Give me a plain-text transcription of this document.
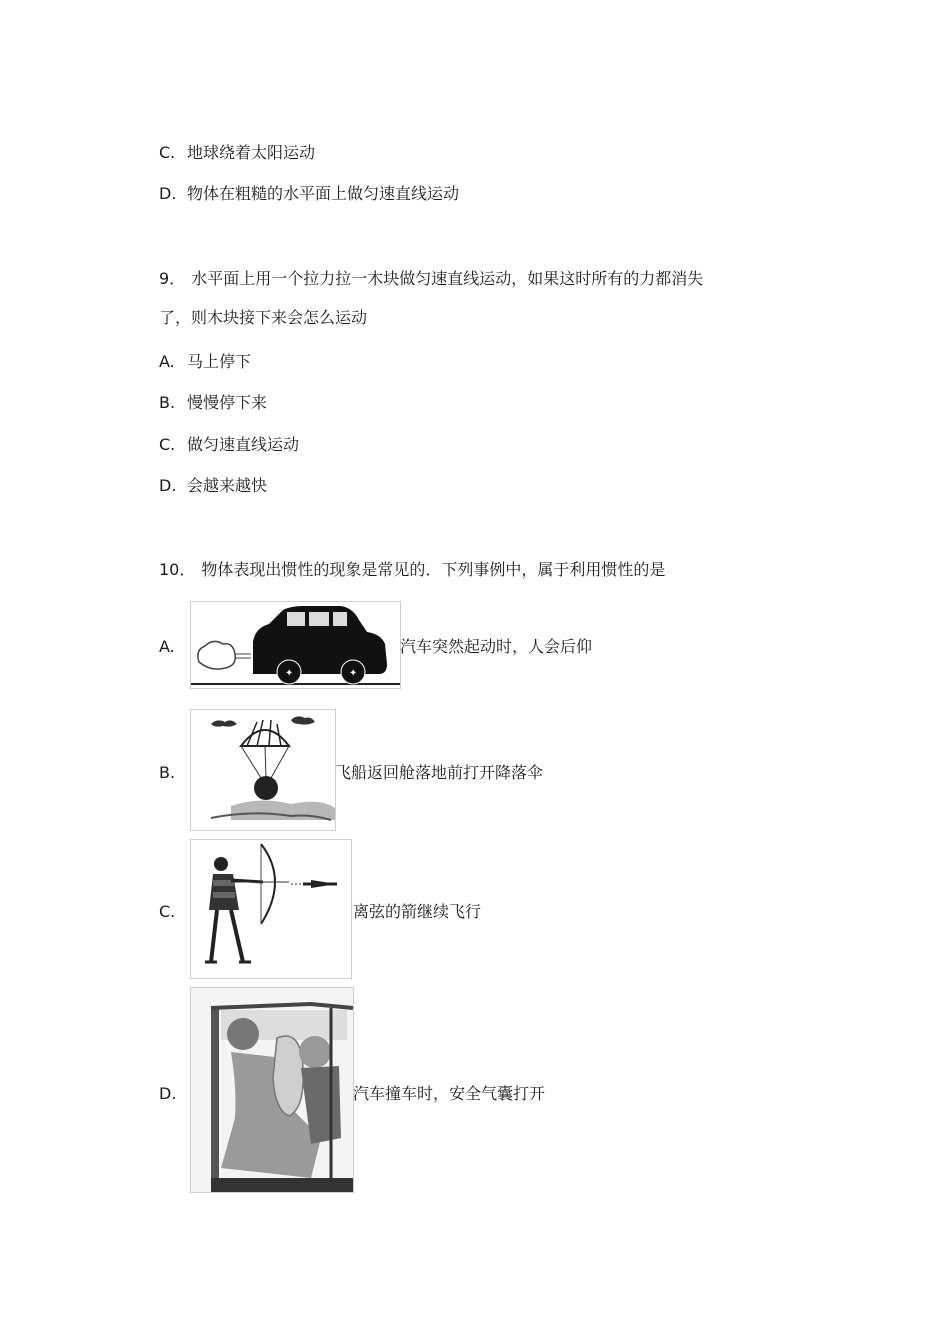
C. 地球绕着太阳运动
D. 物体在粗糙的水平面上做匀速直线运动
9． 水平面上用一个拉力拉一木块做匀速直线运动，如果这时所有的力都消失
了，则木块接下来会怎么运动
A. 马上停下
B. 慢慢停下来
C. 做匀速直线运动
D. 会越来越快
10． 物体表现出惯性的现象是常见的．下列事例中，属于利用惯性的是
A.
✦	✦
汽车突然起动时，人会后仰
B.	飞船返回舱落地前打开降落伞
C.	离弦的箭继续飞行
D.	汽车撞车时，安全气囊打开
